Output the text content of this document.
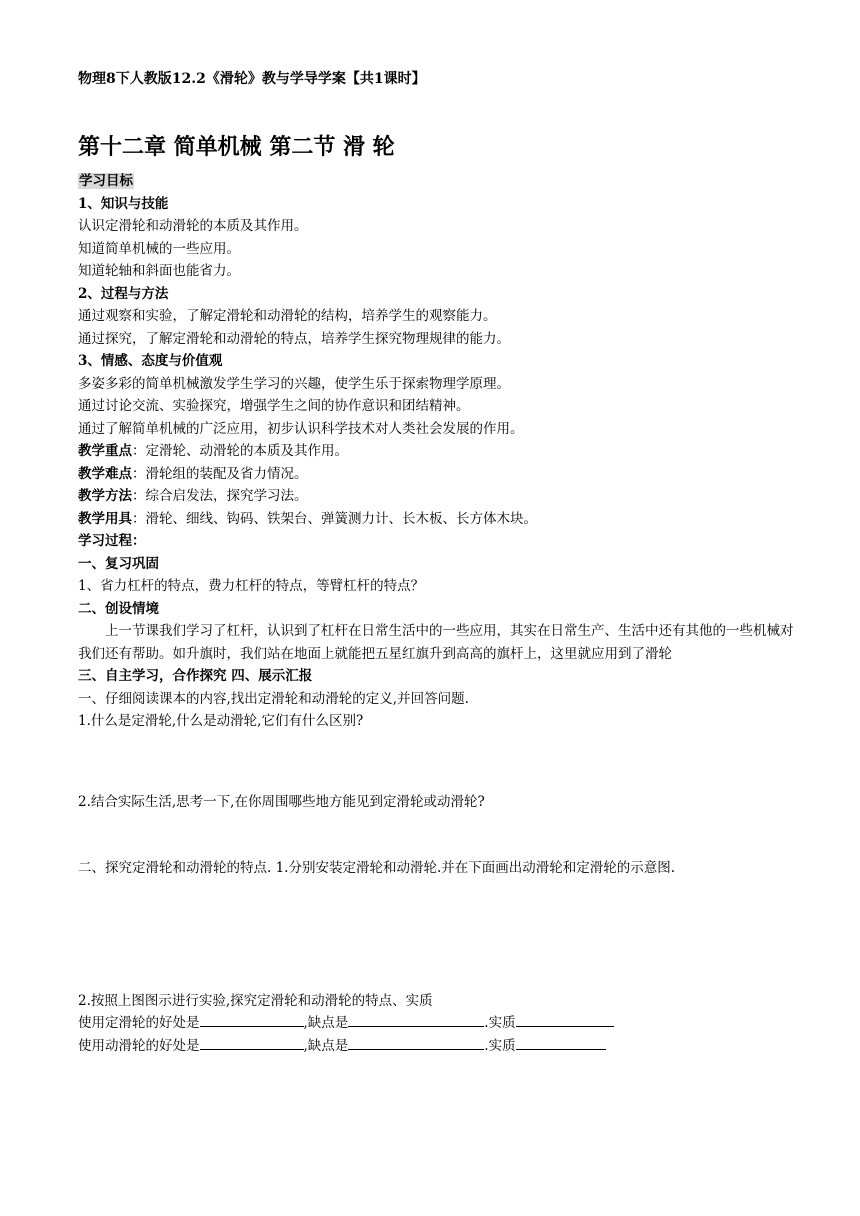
物理8下人教版12.2《滑轮》教与学导学案【共1课时】
第十二章 简单机械 第二节 滑 轮
学习目标
1、知识与技能
认识定滑轮和动滑轮的本质及其作用。
知道简单机械的一些应用。
知道轮轴和斜面也能省力。
2、过程与方法
通过观察和实验，了解定滑轮和动滑轮的结构，培养学生的观察能力。
通过探究，了解定滑轮和动滑轮的特点，培养学生探究物理规律的能力。
3、情感、态度与价值观
多姿多彩的简单机械激发学生学习的兴趣，使学生乐于探索物理学原理。
通过讨论交流、实验探究，增强学生之间的协作意识和团结精神。
通过了解简单机械的广泛应用，初步认识科学技术对人类社会发展的作用。
教学重点：定滑轮、动滑轮的本质及其作用。
教学难点：滑轮组的装配及省力情况。
教学方法：综合启发法，探究学习法。
教学用具：滑轮、细线、钩码、铁架台、弹簧测力计、长木板、长方体木块。
学习过程：
一、复习巩固
1、省力杠杆的特点，费力杠杆的特点，等臂杠杆的特点？
二、创设情境
上一节课我们学习了杠杆，认识到了杠杆在日常生活中的一些应用，其实在日常生产、生活中还有其他的一些机械对我们还有帮助。如升旗时，我们站在地面上就能把五星红旗升到高高的旗杆上，这里就应用到了滑轮
三、自主学习，合作探究 四、展示汇报
一、仔细阅读课本的内容,找出定滑轮和动滑轮的定义,并回答问题.
1.什么是定滑轮,什么是动滑轮,它们有什么区别?
2.结合实际生活,思考一下,在你周围哪些地方能见到定滑轮或动滑轮?
二、探究定滑轮和动滑轮的特点. 1.分别安装定滑轮和动滑轮.并在下面画出动滑轮和定滑轮的示意图.
2.按照上图图示进行实验,探究定滑轮和动滑轮的特点、实质
使用定滑轮的好处是	,缺点是	.实质
使用动滑轮的好处是	,缺点是	.实质
